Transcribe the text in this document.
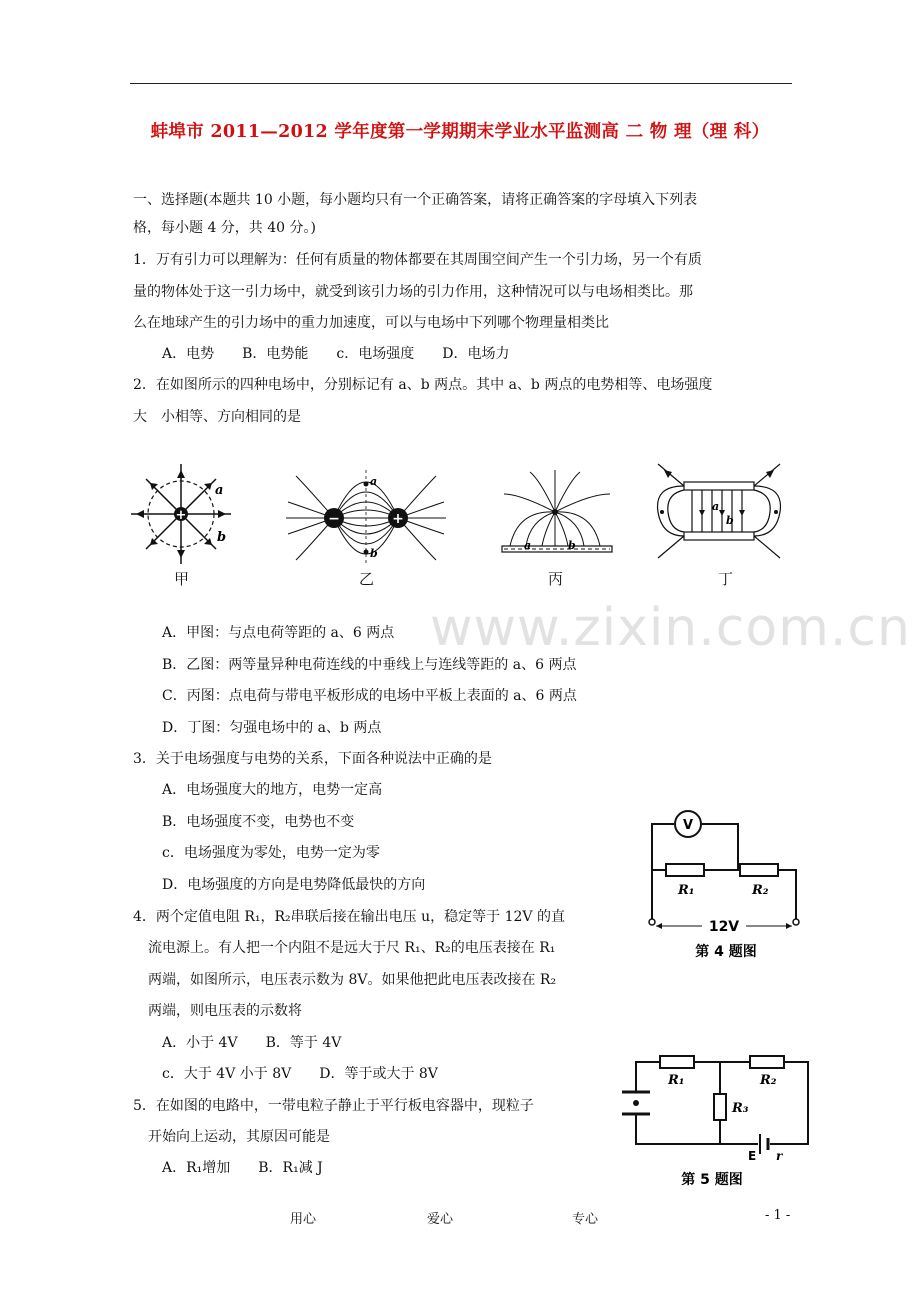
蚌埠市 2011—2012 学年度第一学期期末学业水平监测高 二 物 理（理 科）
www.zixin.com.cn
一、选择题(本题共 10 小题，每小题均只有一个正确答案，请将正确答案的字母填入下列表
格，每小题 4 分，共 40 分。)
1．万有引力可以理解为：任何有质量的物体都要在其周围空间产生一个引力场，另一个有质
量的物体处于这一引力场中，就受到该引力场的引力作用，这种情况可以与电场相类比。那
么在地球产生的引力场中的重力加速度，可以与电场中下列哪个物理量相类比
A．电势　　B．电势能　　c．电场强度　　D．电场力
2．在如图所示的四种电场中，分别标记有 a、b 两点。其中 a、b 两点的电势相等、电场强度
大　小相等、方向相同的是
+
a
b
甲
−	+
a
b
乙
a	b
丙
a
b
丁
A．甲图：与点电荷等距的 a、6 两点
B．乙图：两等量异种电荷连线的中垂线上与连线等距的 a、6 两点
C．丙图：点电荷与带电平板形成的电场中平板上表面的 a、6 两点
D．丁图：匀强电场中的 a、b 两点
3．关于电场强度与电势的关系，下面各种说法中正确的是
A．电场强度大的地方，电势一定高
B．电场强度不变，电势也不变
c．电场强度为零处，电势一定为零
D．电场强度的方向是电势降低最快的方向
V
R₁	R₂
12V
第 4 题图
4．两个定值电阻 R₁，R₂串联后接在输出电压 u，稳定等于 12V 的直
流电源上。有人把一个内阻不是远大于尺 R₁、R₂的电压表接在 R₁
两端，如图所示，电压表示数为 8V。如果他把此电压表改接在 R₂
两端，则电压表的示数将
A．小于 4V　　B．等于 4V
c．大于 4V 小于 8V　　D．等于或大于 8V	R₁	R₂
R₃
E r
第 5 题图
5．在如图的电路中，一带电粒子静止于平行板电容器中，现粒子
开始向上运动，其原因可能是
A．R₁增加　　B．R₁减 J
用心	爱心	专心	- 1 -
